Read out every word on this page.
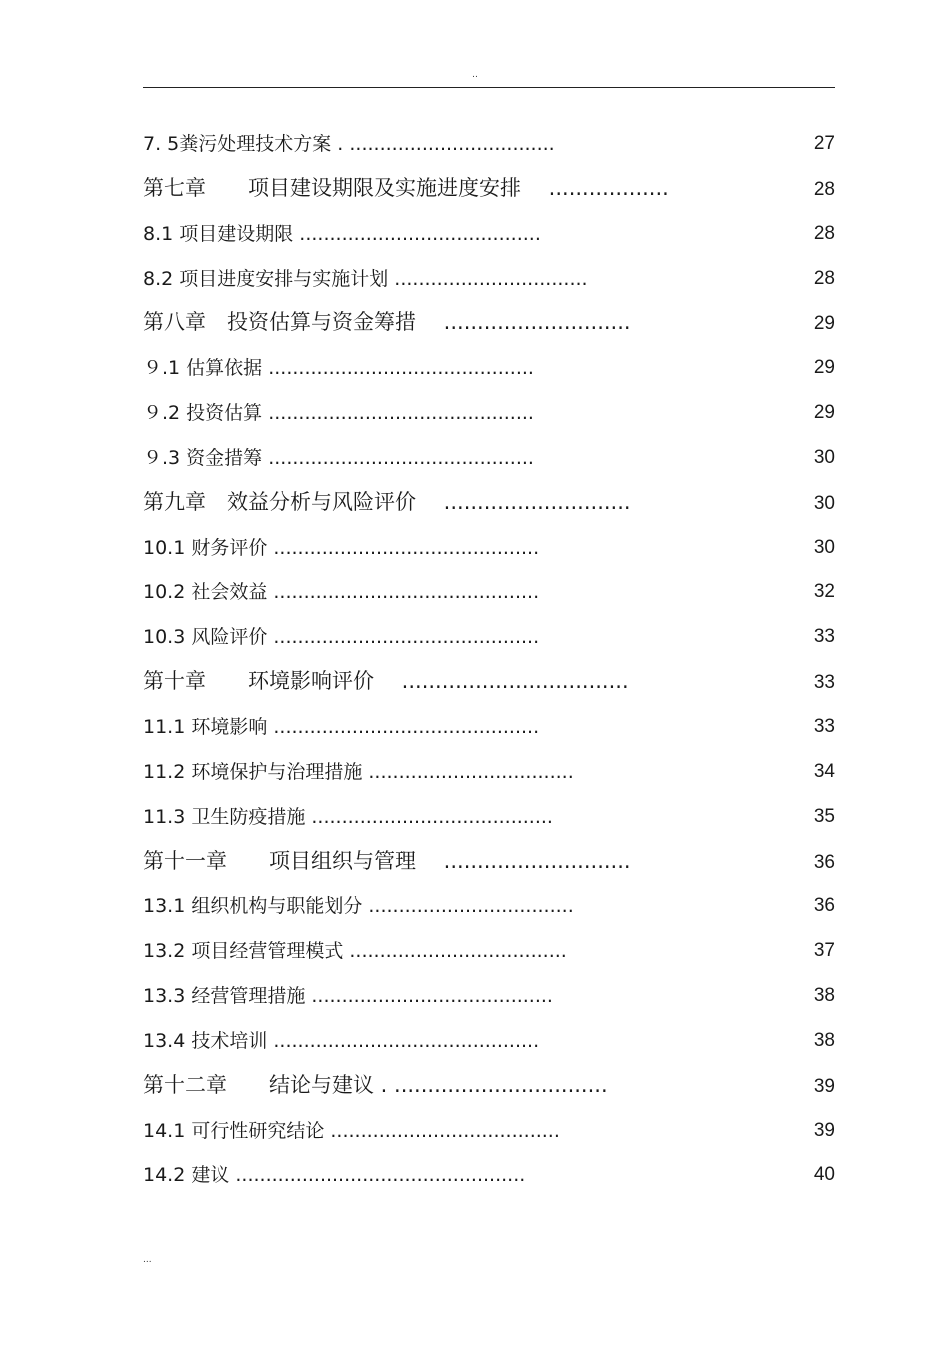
..
7. 5粪污处理技术方案 . ..................................	27
第七章　　项目建设期限及实施进度安排　 ..................	28
8.1 项目建设期限 ........................................	28
8.2 项目进度安排与实施计划 ................................	28
第八章　投资估算与资金筹措　 ............................	29
９.1 估算依据 ............................................	29
９.2 投资估算 ............................................	29
９.3 资金措筹 ............................................	30
第九章　效益分析与风险评价　 ............................	30
10.1 财务评价 ............................................	30
10.2 社会效益 ............................................	32
10.3 风险评价 ............................................	33
第十章　　环境影响评价　 ..................................	33
11.1 环境影响 ............................................	33
11.2 环境保护与治理措施 ..................................	34
11.3 卫生防疫措施 ........................................	35
第十一章　　项目组织与管理　 ............................	36
13.1 组织机构与职能划分 ..................................	36
13.2 项目经营管理模式 ....................................	37
13.3 经营管理措施 ........................................	38
13.4 技术培训 ............................................	38
第十二章　　结论与建议 . ................................	39
14.1 可行性研究结论 ......................................	39
14.2 建议 ................................................	40
...
